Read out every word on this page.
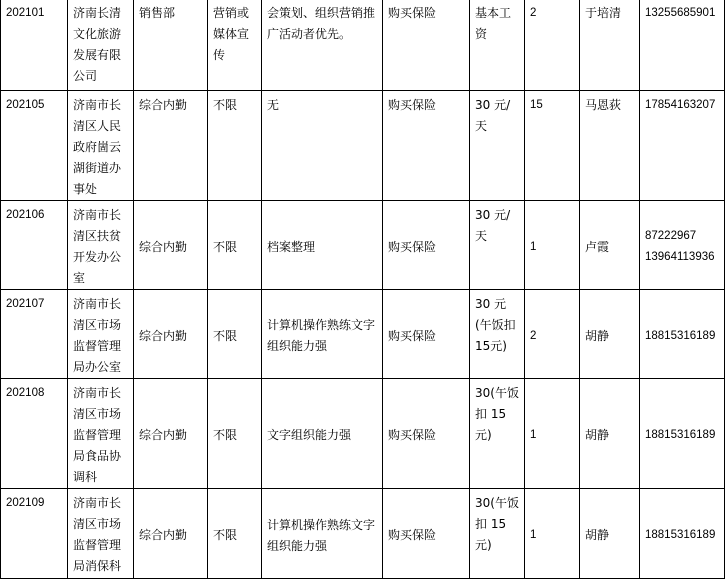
202101	济南长清文化旅游发展有限公司	销售部	营销或媒体宣传	会策划、组织营销推广活动者优先。	购买保险	基本工资	2	于培清	13255685901

202105	济南市长清区人民政府崮云湖街道办事处	综合内勤	不限	无	购买保险	30 元/天	15	马恩荻	17854163207

202106	济南市长清区扶贫开发办公室	综合内勤	不限	档案整理	购买保险	30 元/天	1	卢霞	87222967
13964113936

202107	济南市长清区市场监督管理局办公室	综合内勤	不限	计算机操作熟练文字组织能力强	购买保险	30 元(午饭扣 15元)	2	胡静	18815316189

202108	济南市长清区市场监督管理局食品协调科	综合内勤	不限	文字组织能力强	购买保险	30(午饭扣 15元)	1	胡静	18815316189

202109	济南市长清区市场监督管理局消保科	综合内勤	不限	计算机操作熟练文字组织能力强	购买保险	30(午饭扣 15元)	1	胡静	18815316189
